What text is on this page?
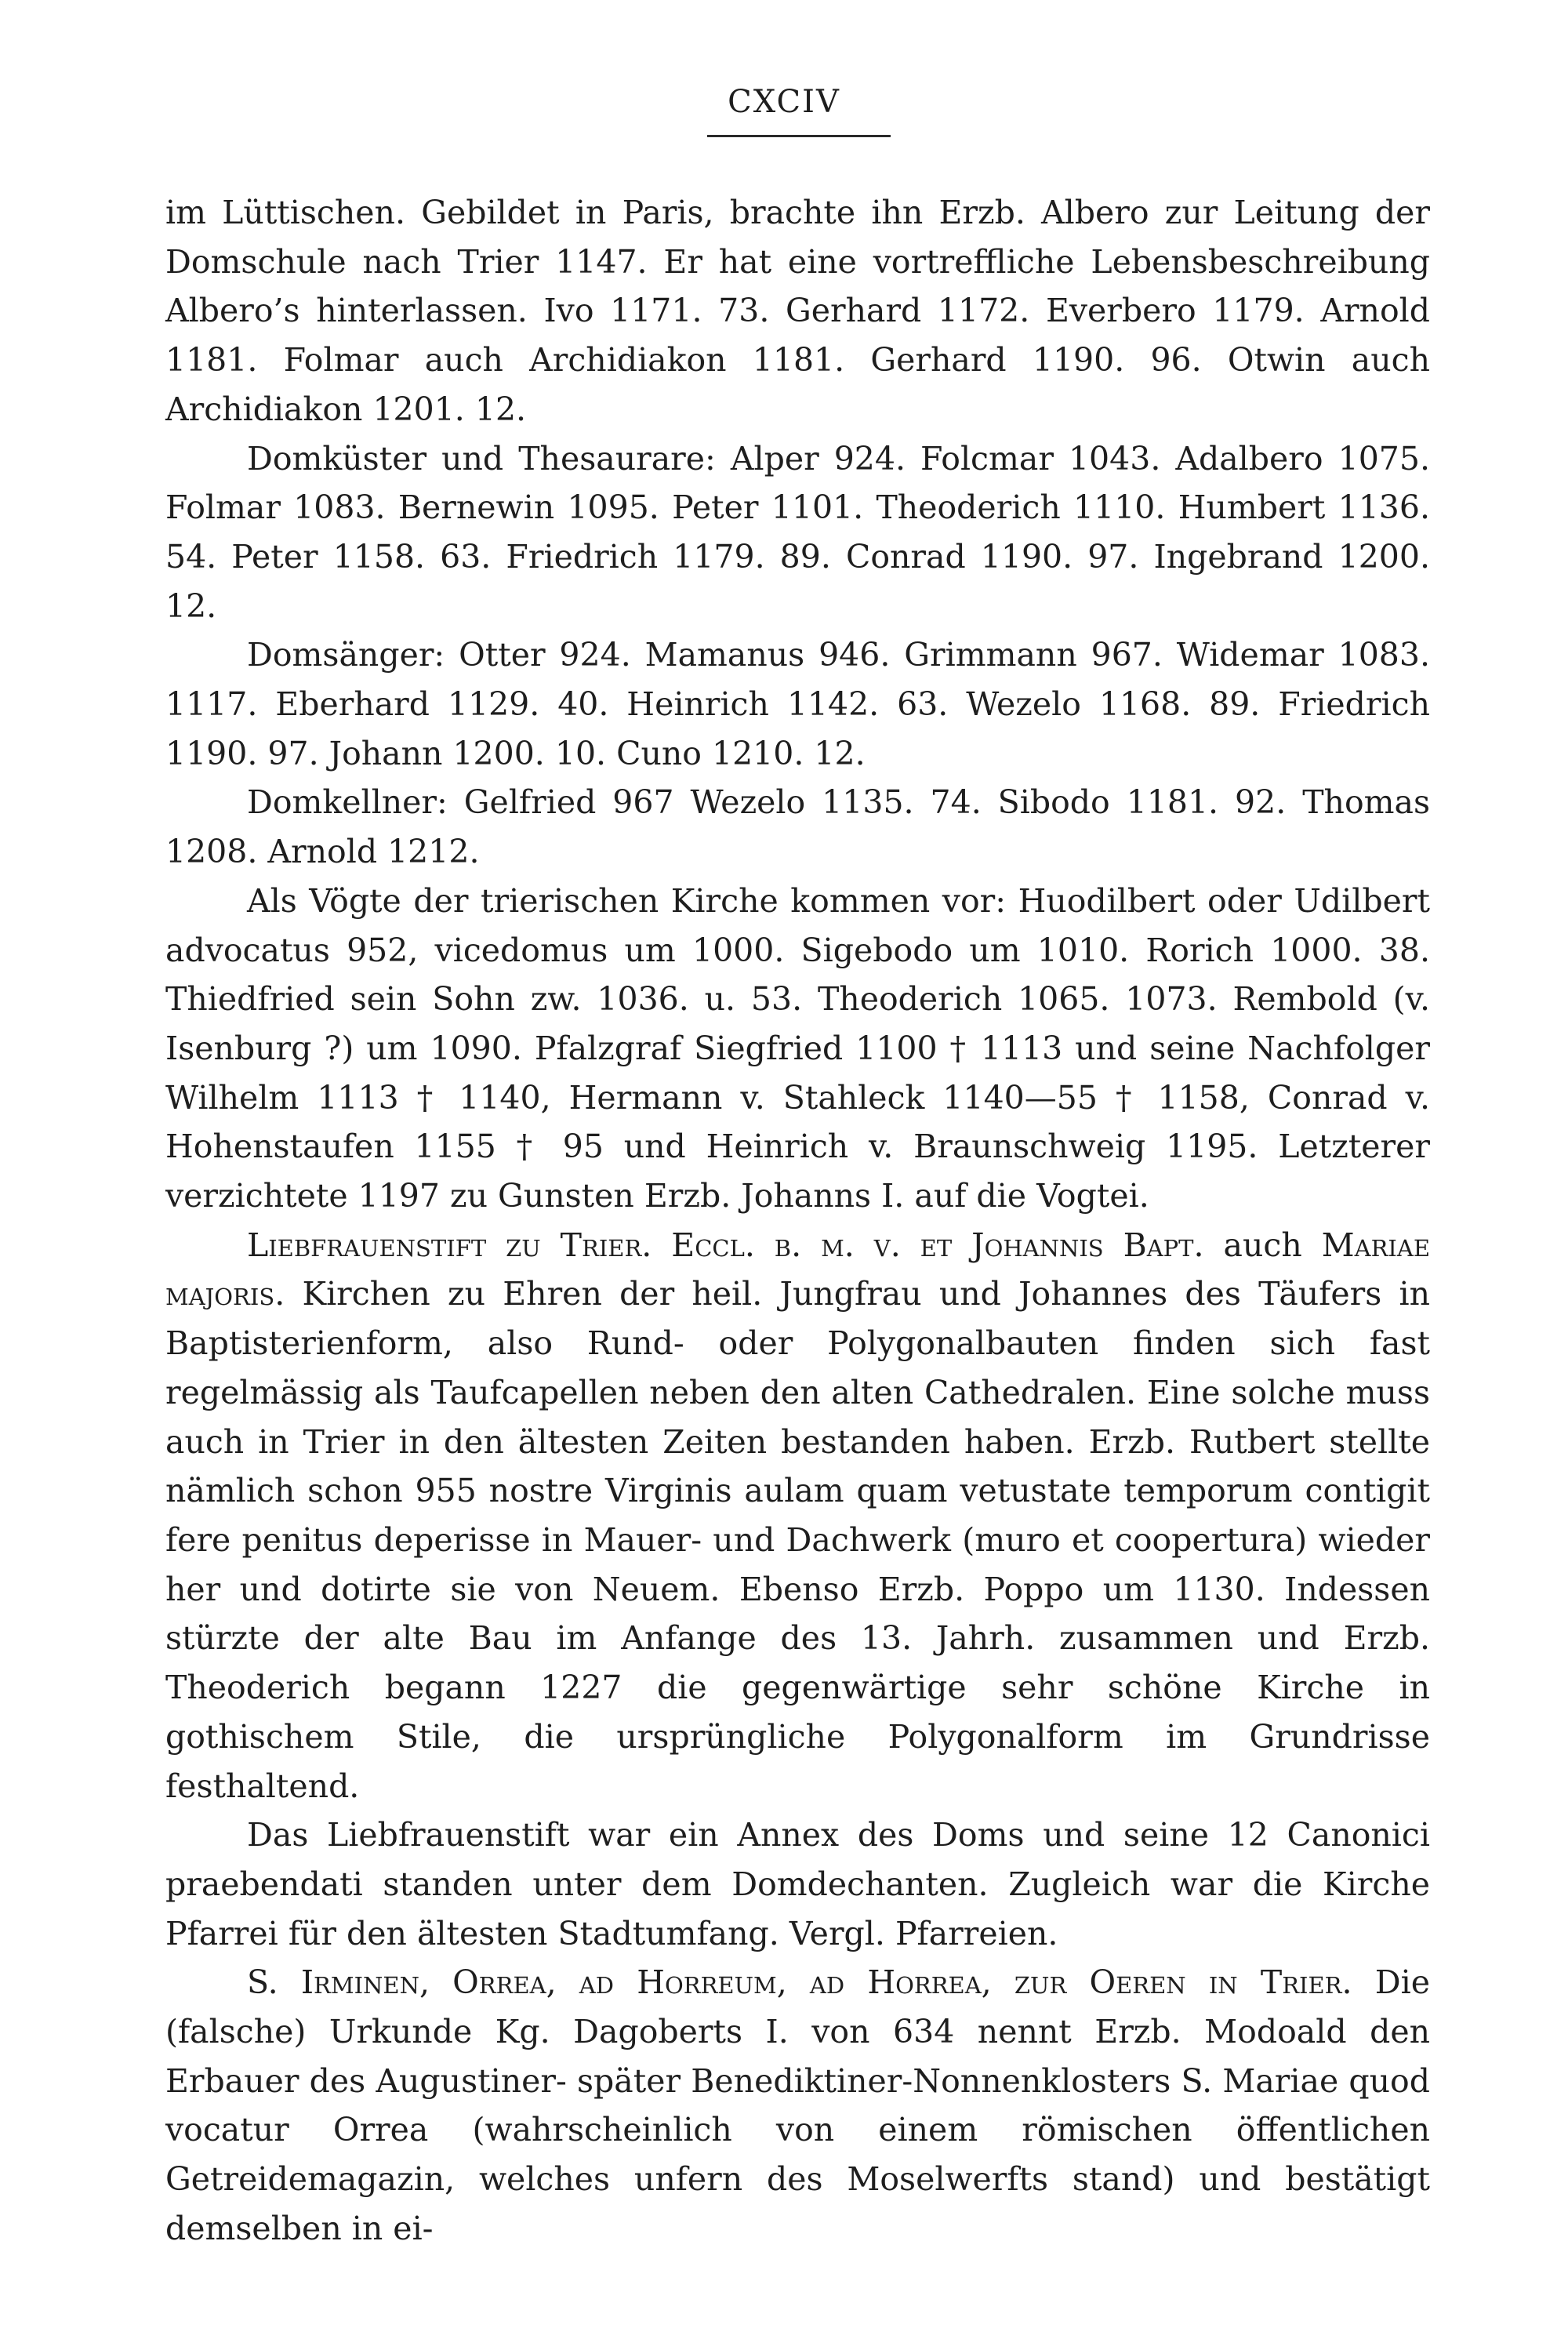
CXCIV

im Lüttischen. Gebildet in Paris, brachte ihn Erzb. Albero zur Leitung der Domschule nach Trier 1147. Er hat eine vortreffliche Lebensbeschreibung Albero’s hinterlassen. Ivo 1171. 73. Gerhard 1172. Everbero 1179. Arnold 1181. Folmar auch Archidiakon 1181. Gerhard 1190. 96. Otwin auch Archidiakon 1201. 12.

Domküster und Thesaurare: Alper 924. Folcmar 1043. Adalbero 1075. Folmar 1083. Bernewin 1095. Peter 1101. Theoderich 1110. Humbert 1136. 54. Peter 1158. 63. Friedrich 1179. 89. Conrad 1190. 97. Ingebrand 1200. 12.

Domsänger: Otter 924. Mamanus 946. Grimmann 967. Widemar 1083. 1117. Eberhard 1129. 40. Heinrich 1142. 63. Wezelo 1168. 89. Friedrich 1190. 97. Johann 1200. 10. Cuno 1210. 12.

Domkellner: Gelfried 967 Wezelo 1135. 74. Sibodo 1181. 92. Thomas 1208. Arnold 1212.

Als Vögte der trierischen Kirche kommen vor: Huodilbert oder Udilbert advocatus 952, vicedomus um 1000. Sigebodo um 1010. Rorich 1000. 38. Thiedfried sein Sohn zw. 1036. u. 53. Theoderich 1065. 1073. Rembold (v. Isenburg ?) um 1090. Pfalzgraf Siegfried 1100 † 1113 und seine Nachfolger Wilhelm 1113 † 1140, Hermann v. Stahleck 1140—55 † 1158, Conrad v. Hohenstaufen 1155 † 95 und Heinrich v. Braunschweig 1195. Letzterer verzichtete 1197 zu Gunsten Erzb. Johanns I. auf die Vogtei.

Liebfrauenstift zu Trier. Eccl. b. m. v. et Johannis Bapt. auch Mariae majoris. Kirchen zu Ehren der heil. Jungfrau und Johannes des Täufers in Baptisterienform, also Rund- oder Polygonalbauten finden sich fast regelmässig als Taufcapellen neben den alten Cathedralen. Eine solche muss auch in Trier in den ältesten Zeiten bestanden haben. Erzb. Rutbert stellte nämlich schon 955 nostre Virginis aulam quam vetustate temporum contigit fere penitus deperisse in Mauer- und Dachwerk (muro et coopertura) wieder her und dotirte sie von Neuem. Ebenso Erzb. Poppo um 1130. Indessen stürzte der alte Bau im Anfange des 13. Jahrh. zusammen und Erzb. Theoderich begann 1227 die gegenwärtige sehr schöne Kirche in gothischem Stile, die ursprüngliche Polygonalform im Grundrisse festhaltend.

Das Liebfrauenstift war ein Annex des Doms und seine 12 Canonici praebendati standen unter dem Domdechanten. Zugleich war die Kirche Pfarrei für den ältesten Stadtumfang. Vergl. Pfarreien.

S. Irminen, Orrea, ad Horreum, ad Horrea, zur Oeren in Trier. Die (falsche) Urkunde Kg. Dagoberts I. von 634 nennt Erzb. Modoald den Erbauer des Augustiner- später Benediktiner-Nonnenklosters S. Mariae quod vocatur Orrea (wahrscheinlich von einem römischen öffentlichen Getreidemagazin, welches unfern des Moselwerfts stand) und bestätigt demselben in ei-
